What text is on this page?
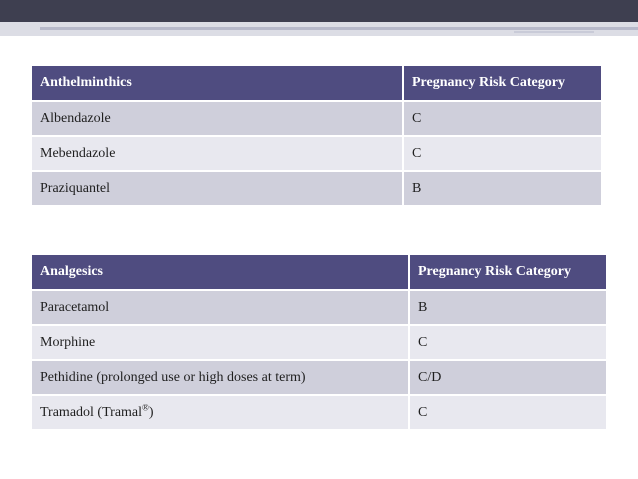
Anthelminthics	Pregnancy Risk Category
Albendazole	C
Mebendazole	C
Praziquantel	B
Analgesics	Pregnancy Risk Category
Paracetamol	B
Morphine	C
Pethidine (prolonged use or high doses at term)	C/D
Tramadol (Tramal®)	C
